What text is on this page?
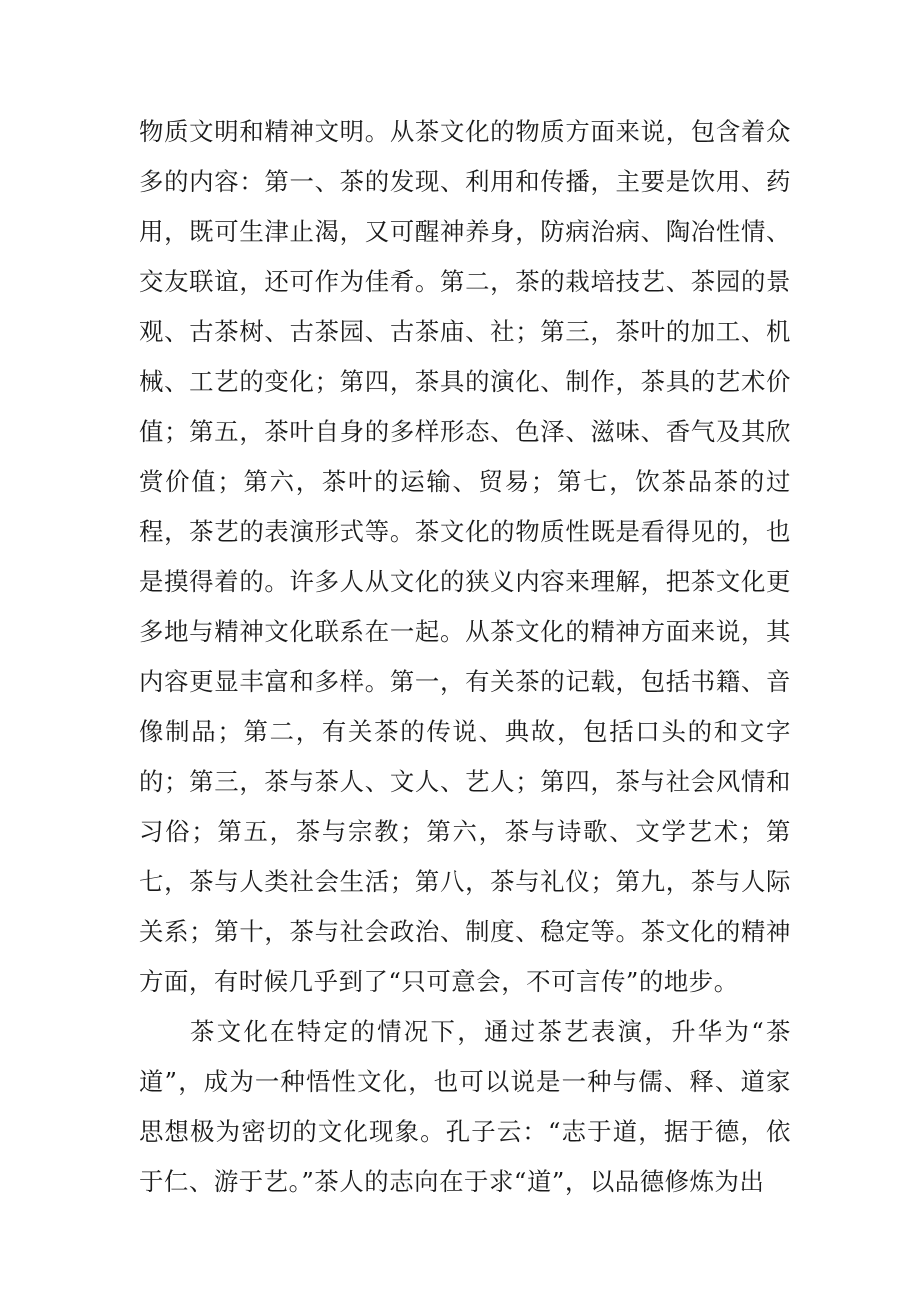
物质文明和精神文明。从茶文化的物质方面来说，包含着众多的内容：第一、茶的发现、利用和传播，主要是饮用、药用，既可生津止渴，又可醒神养身，防病治病、陶冶性情、交友联谊，还可作为佳肴。第二，茶的栽培技艺、茶园的景观、古茶树、古茶园、古茶庙、社；第三，茶叶的加工、机械、工艺的变化；第四，茶具的演化、制作，茶具的艺术价值；第五，茶叶自身的多样形态、色泽、滋味、香气及其欣赏价值；第六，茶叶的运输、贸易；第七，饮茶品茶的过程，茶艺的表演形式等。茶文化的物质性既是看得见的，也是摸得着的。许多人从文化的狭义内容来理解，把茶文化更多地与精神文化联系在一起。从茶文化的精神方面来说，其内容更显丰富和多样。第一，有关茶的记载，包括书籍、音像制品；第二，有关茶的传说、典故，包括口头的和文字的；第三，茶与茶人、文人、艺人；第四，茶与社会风情和习俗；第五，茶与宗教；第六，茶与诗歌、文学艺术；第七，茶与人类社会生活；第八，茶与礼仪；第九，茶与人际关系；第十，茶与社会政治、制度、稳定等。茶文化的精神方面，有时候几乎到了“只可意会，不可言传”的地步。

茶文化在特定的情况下，通过茶艺表演，升华为“茶道”，成为一种悟性文化，也可以说是一种与儒、释、道家思想极为密切的文化现象。孔子云：“志于道，据于德，依于仁、游于艺。”茶人的志向在于求“道”，以品德修炼为出
